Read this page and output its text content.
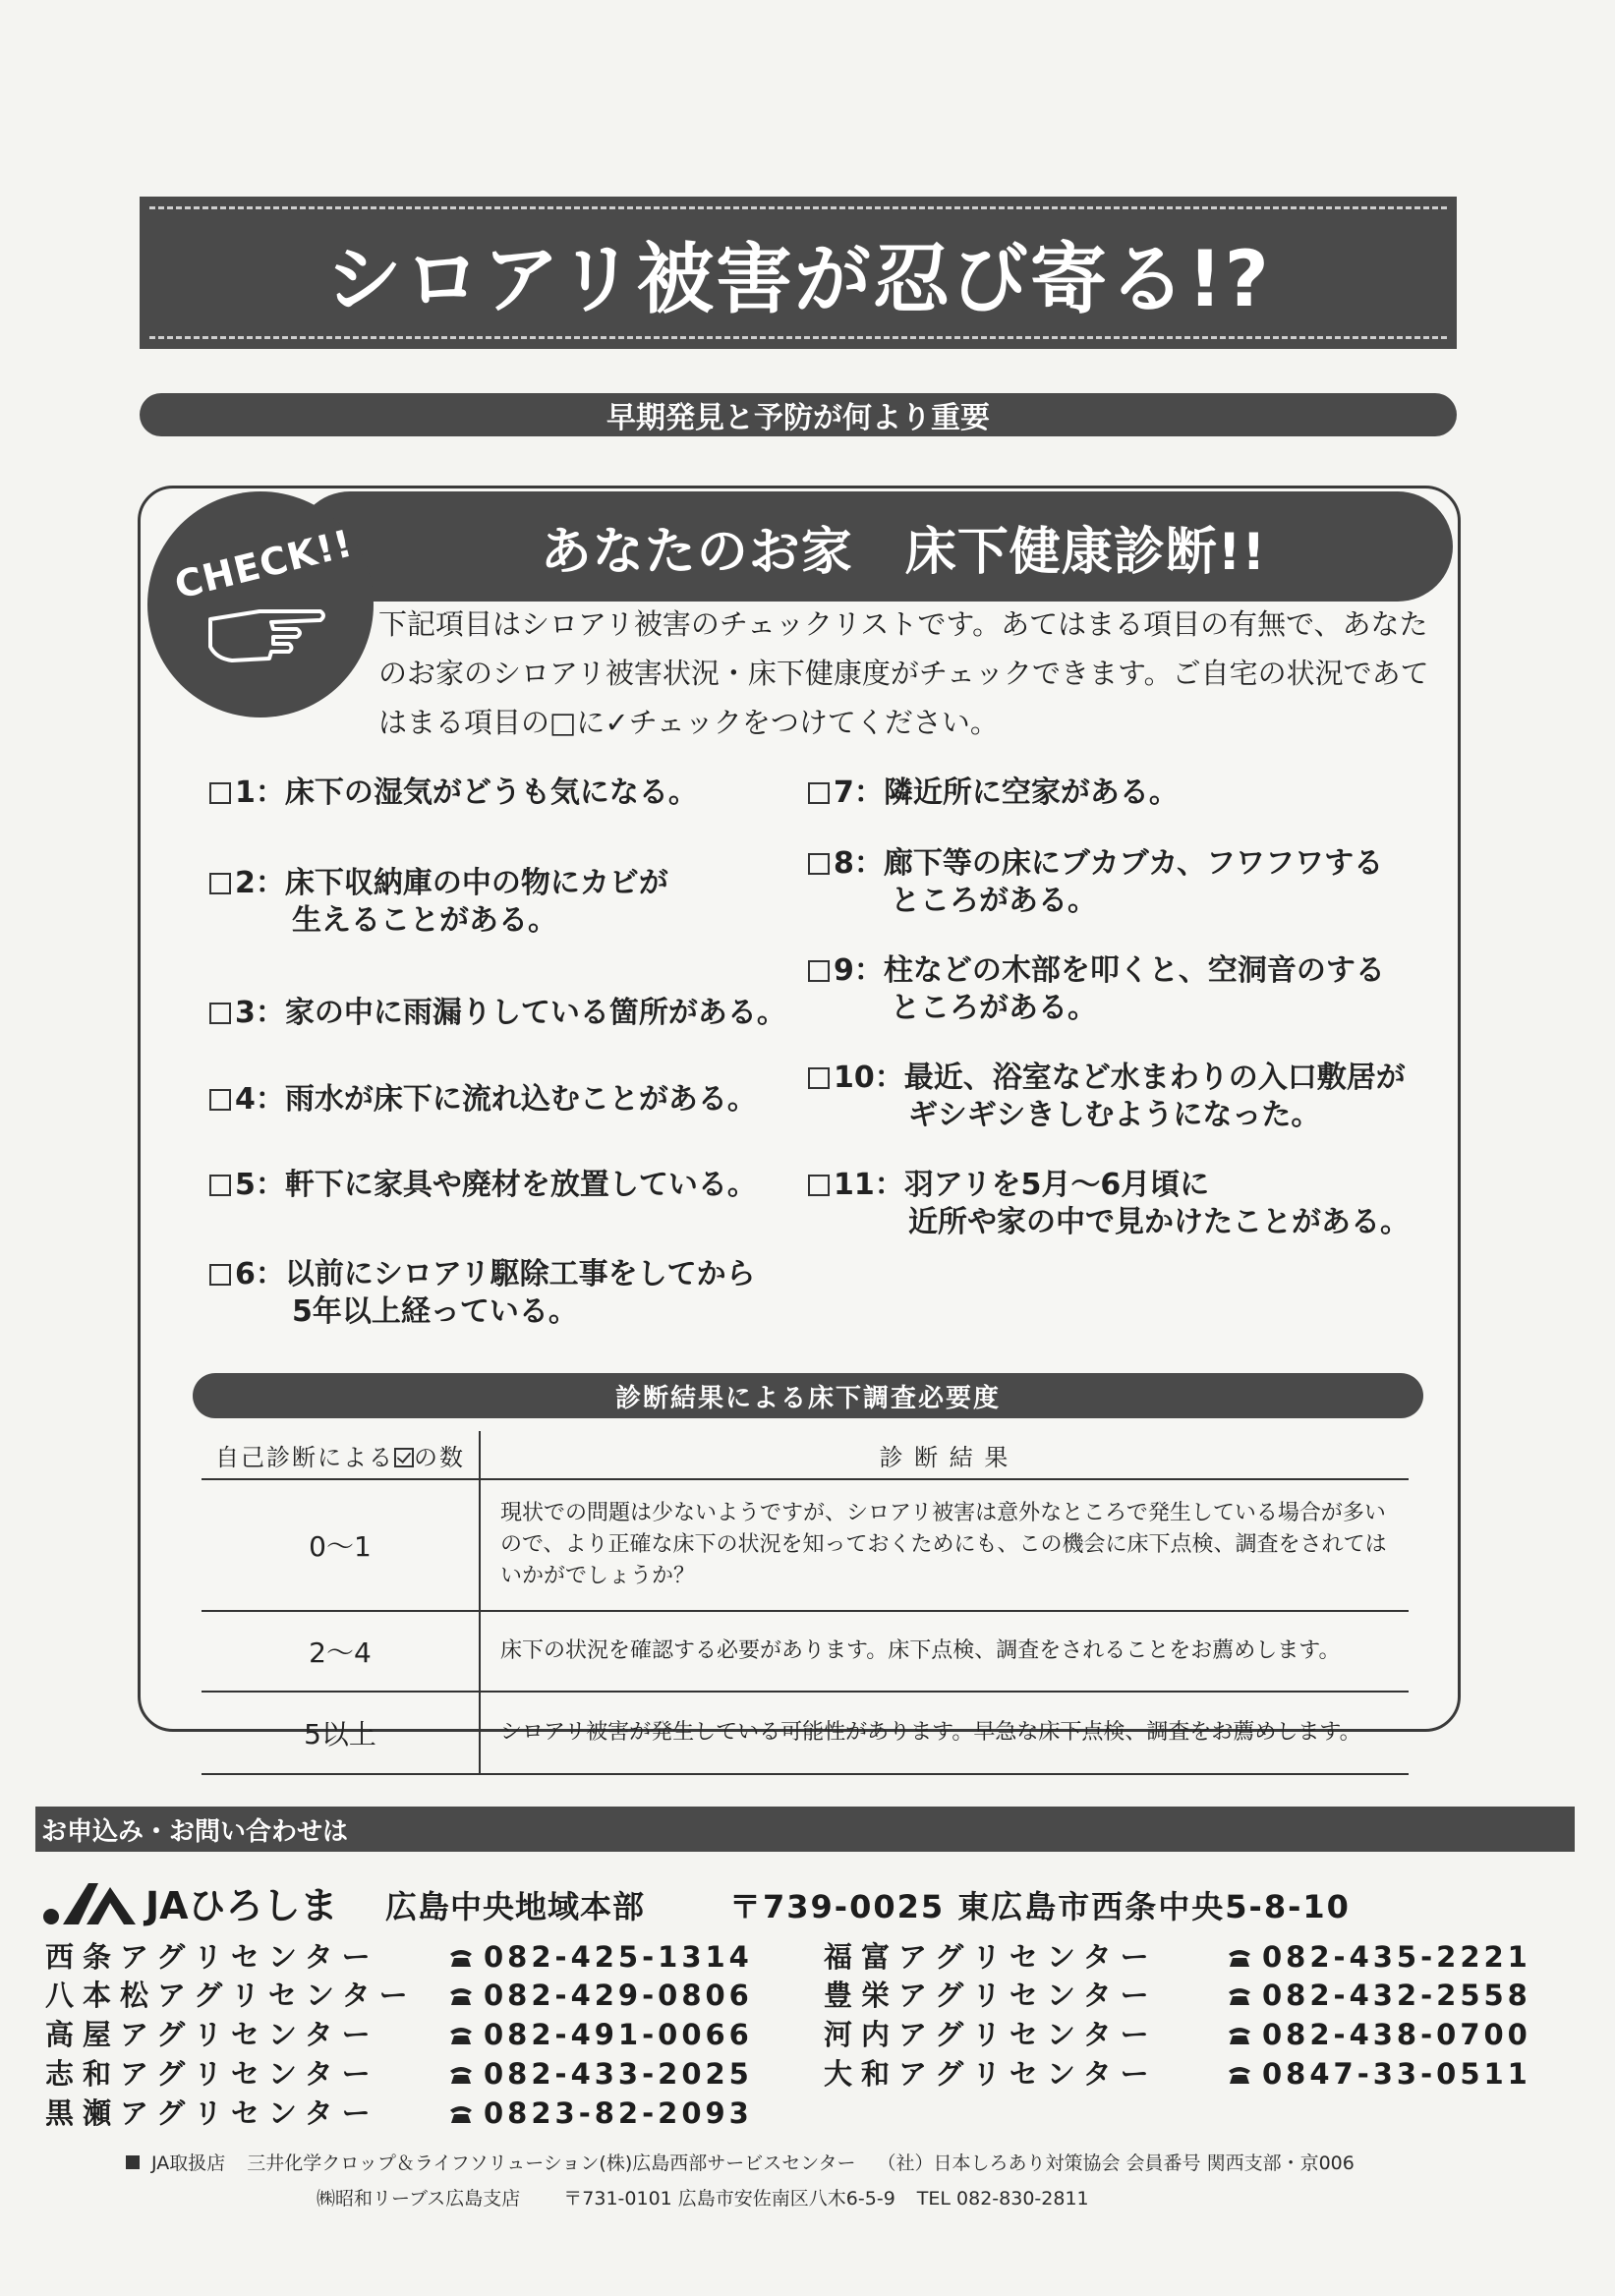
シロアリ被害が忍び寄る!?
早期発見と予防が何より重要
あなたのお家　床下健康診断!!
CHECK!!
下記項目はシロアリ被害のチェックリストです。あてはまる項目の有無で、あなたのお家のシロアリ被害状況・床下健康度がチェックできます。ご自宅の状況であてはまる項目の□に✓チェックをつけてください。
1：床下の湿気がどうも気になる。
2：床下収納庫の中の物にカビが
生えることがある。
3：家の中に雨漏りしている箇所がある。
4：雨水が床下に流れ込むことがある。
5：軒下に家具や廃材を放置している。
6：以前にシロアリ駆除工事をしてから
5年以上経っている。
7：隣近所に空家がある。
8：廊下等の床にブカブカ、フワフワする
ところがある。
9：柱などの木部を叩くと、空洞音のする
ところがある。
10：最近、浴室など水まわりの入口敷居が
ギシギシきしむようになった。
11：羽アリを5月～6月頃に
近所や家の中で見かけたことがある。
診断結果による床下調査必要度
自己診断による の数	診 断 結 果
0～1	現状での問題は少ないようですが、シロアリ被害は意外なところで発生している場合が多いので、より正確な床下の状況を知っておくためにも、この機会に床下点検、調査をされてはいかがでしょうか？
2～4	床下の状況を確認する必要があります。床下点検、調査をされることをお薦めします。
5以上	シロアリ被害が発生している可能性があります。早急な床下点検、調査をお薦めします。
お申込み・お問い合わせは
JAひろしま 広島中央地域本部	〒739-0025 東広島市西条中央5-8-10
西条アグリセンター	082-425-1314
八本松アグリセンター 082-429-0806
高屋アグリセンター	082-491-0066
志和アグリセンター	082-433-2025
黒瀬アグリセンター	0823-82-2093
福富アグリセンター	082-435-2221
豊栄アグリセンター	082-432-2558
河内アグリセンター	082-438-0700
大和アグリセンター	0847-33-0511
JA取扱店 三井化学クロップ＆ライフソリューション(株)広島西部サービスセンター （社）日本しろあり対策協会 会員番号 関西支部・京006
㈱昭和リーブス広島支店 〒731-0101 広島市安佐南区八木6-5-9 TEL 082-830-2811
